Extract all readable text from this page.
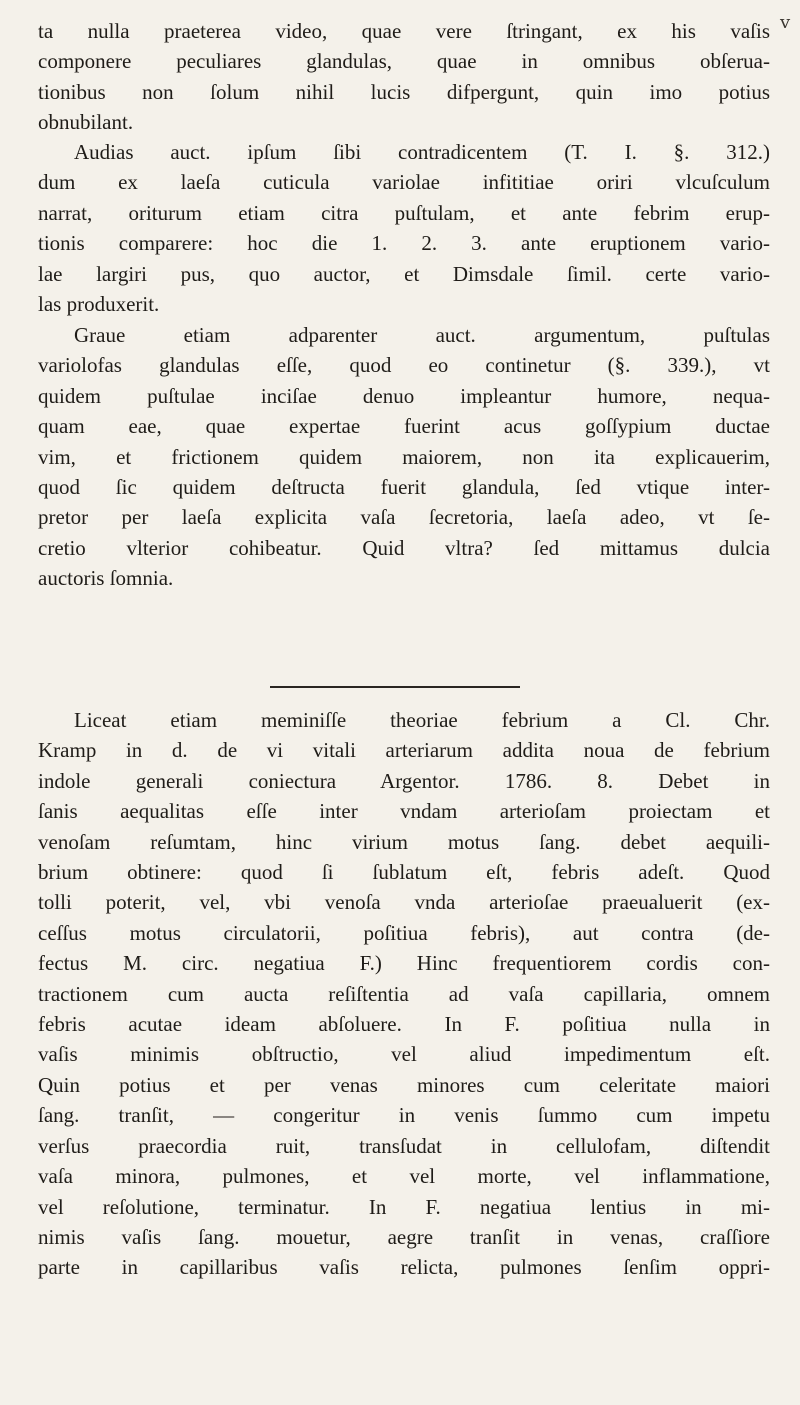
v
ta nulla praeterea video, quae vere ſtringant, ex his vaſis
componere peculiares glandulas, quae in omnibus obſerua-
tionibus non ſolum nihil lucis difpergunt, quin imo potius
obnubilant.
Audias auct. ipſum ſibi contradicentem (T. I. §. 312.)
dum ex laeſa cuticula variolae infititiae oriri vlcuſculum
narrat, oriturum etiam citra puſtulam, et ante febrim erup-
tionis comparere: hoc die 1. 2. 3. ante eruptionem vario-
lae largiri pus, quo auctor, et Dimsdale ſimil. certe vario-
las produxerit.
Graue etiam adparenter auct. argumentum, puſtulas
variolofas glandulas eſſe, quod eo continetur (§. 339.), vt
quidem puſtulae inciſae denuo impleantur humore, nequa-
quam eae, quae expertae fuerint acus goſſypium ductae
vim, et frictionem quidem maiorem, non ita explicauerim,
quod ſic quidem deſtructa fuerit glandula, ſed vtique inter-
pretor per laeſa explicita vaſa ſecretoria, laeſa adeo, vt ſe-
cretio vlterior cohibeatur. Quid vltra? ſed mittamus dulcia
auctoris ſomnia.
Liceat etiam meminiſſe theoriae febrium a Cl. Chr.
Kramp in d. de vi vitali arteriarum addita noua de febrium
indole generali coniectura Argentor. 1786. 8. Debet in
ſanis aequalitas eſſe inter vndam arterioſam proiectam et
venoſam reſumtam, hinc virium motus ſang. debet aequili-
brium obtinere: quod ſi ſublatum eſt, febris adeſt. Quod
tolli poterit, vel, vbi venoſa vnda arterioſae praeualuerit (ex-
ceſſus motus circulatorii, poſitiua febris), aut contra (de-
fectus M. circ. negatiua F.) Hinc frequentiorem cordis con-
tractionem cum aucta reſiſtentia ad vaſa capillaria, omnem
febris acutae ideam abſoluere. In F. poſitiua nulla in
vaſis minimis obſtructio, vel aliud impedimentum eſt.
Quin potius et per venas minores cum celeritate maiori
ſang. tranſit, — congeritur in venis ſummo cum impetu
verſus praecordia ruit, transſudat in cellulofam, diſtendit
vaſa minora, pulmones, et vel morte, vel inflammatione,
vel reſolutione, terminatur. In F. negatiua lentius in mi-
nimis vaſis ſang. mouetur, aegre tranſit in venas, craſſiore
parte in capillaribus vaſis relicta, pulmones ſenſim oppri-
